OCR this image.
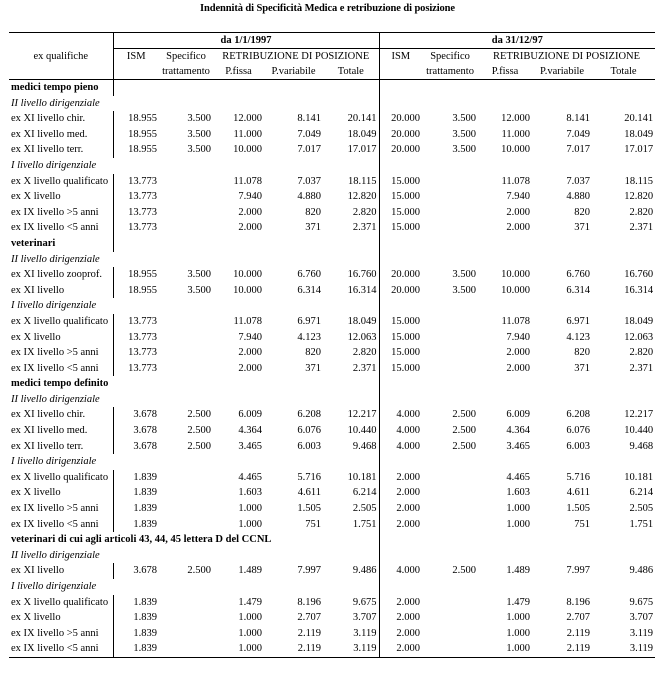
Indennità di Specificità Medica e retribuzione di posizione
	da 1/1/1997					da 31/12/97				
ex qualifiche	ISM	Specifico	RETRIBUZIONE DI POSIZIONE			ISM	Specifico	RETRIBUZIONE DI POSIZIONE		
		trattamento	P.fissa	P.variabile	Totale		trattamento	P.fissa	P.variabile	Totale
medici tempo pieno										
II livello dirigenziale										
ex XI livello chir.	18.955	3.500	12.000	8.141	20.141	20.000	3.500	12.000	8.141	20.141
ex XI livello med.	18.955	3.500	11.000	7.049	18.049	20.000	3.500	11.000	7.049	18.049
ex XI livello terr.	18.955	3.500	10.000	7.017	17.017	20.000	3.500	10.000	7.017	17.017
I livello dirigenziale										
ex X livello qualificato	13.773		11.078	7.037	18.115	15.000		11.078	7.037	18.115
ex X livello	13.773		7.940	4.880	12.820	15.000		7.940	4.880	12.820
ex IX livello >5 anni	13.773		2.000	820	2.820	15.000		2.000	820	2.820
ex IX livello <5 anni	13.773		2.000	371	2.371	15.000		2.000	371	2.371
veterinari										
II livello dirigenziale										
ex XI livello zooprof.	18.955	3.500	10.000	6.760	16.760	20.000	3.500	10.000	6.760	16.760
ex XI livello	18.955	3.500	10.000	6.314	16.314	20.000	3.500	10.000	6.314	16.314
I livello dirigenziale										
ex X livello qualificato	13.773		11.078	6.971	18.049	15.000		11.078	6.971	18.049
ex X livello	13.773		7.940	4.123	12.063	15.000		7.940	4.123	12.063
ex IX livello >5 anni	13.773		2.000	820	2.820	15.000		2.000	820	2.820
ex IX livello <5 anni	13.773		2.000	371	2.371	15.000		2.000	371	2.371
medici tempo definito										
II livello dirigenziale										
ex XI livello chir.	3.678	2.500	6.009	6.208	12.217	4.000	2.500	6.009	6.208	12.217
ex XI livello med.	3.678	2.500	4.364	6.076	10.440	4.000	2.500	4.364	6.076	10.440
ex XI livello terr.	3.678	2.500	3.465	6.003	9.468	4.000	2.500	3.465	6.003	9.468
I livello dirigenziale										
ex X livello qualificato	1.839		4.465	5.716	10.181	2.000		4.465	5.716	10.181
ex X livello	1.839		1.603	4.611	6.214	2.000		1.603	4.611	6.214
ex IX livello >5 anni	1.839		1.000	1.505	2.505	2.000		1.000	1.505	2.505
ex IX livello <5 anni	1.839		1.000	751	1.751	2.000		1.000	751	1.751
veterinari di cui agli articoli 43, 44, 45 lettera D del CCNL										
II livello dirigenziale										
ex XI livello	3.678	2.500	1.489	7.997	9.486	4.000	2.500	1.489	7.997	9.486
I livello dirigenziale										
ex X livello qualificato	1.839		1.479	8.196	9.675	2.000		1.479	8.196	9.675
ex X livello	1.839		1.000	2.707	3.707	2.000		1.000	2.707	3.707
ex IX livello >5 anni	1.839		1.000	2.119	3.119	2.000		1.000	2.119	3.119
ex IX livello <5 anni	1.839		1.000	2.119	3.119	2.000		1.000	2.119	3.119
